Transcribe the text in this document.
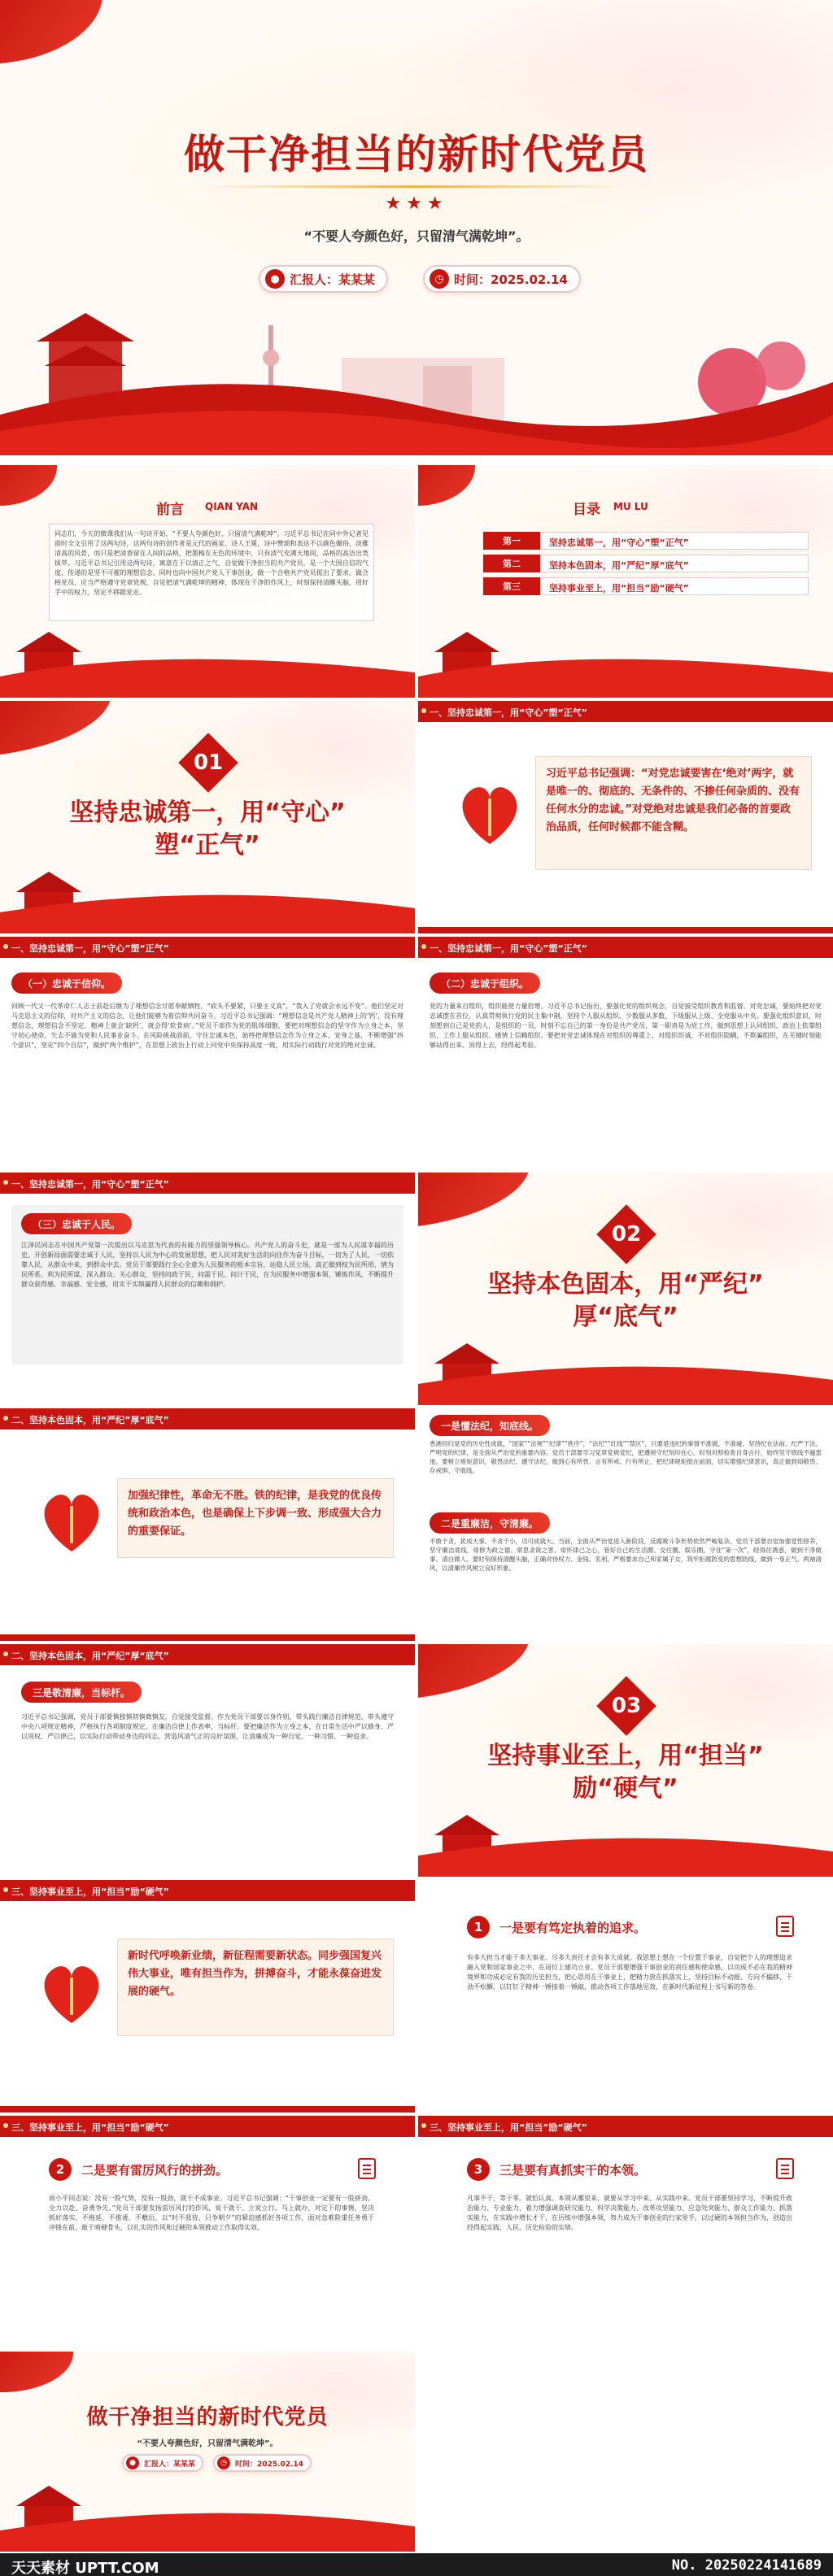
做干净担当的新时代党员
★★★
“不要人夸颜色好，只留清气满乾坤”。
● 汇报人：某某某	◷ 时间：2025.02.14
前言 QIAN YAN
同志们，今天的微课我们从一句诗开始，“不要人夸颜色好，只留清气满乾坤”。习近平总书记在同中外记者见面时全文引用了这两句诗，这两句诗的创作者是元代的画家、诗人王冕，诗中赞颂和表达不以颜色媚俗，淡雅清高的风骨，而只是把清香留在人间的品格，把墨梅在无色的环境中，只有清气充满天地间，品格的高洁出类拔萃。习近平总书记引用这两句诗，寓意在于以清正之气，自觉做干净担当的共产党员，是一个大国自信的气度，传递的是坚不可摧的理想信念。同时也向中国共产党人干事创业，做一个合格共产党员提出了要求。做合格党员，应当严格遵守党章党规，自觉把清气满乾坤的精神，体现在干净的作风上，时刻保持清醒头脑，用好手中的权力，坚定不移跟党走。
目录 MU LU
第一	坚持忠诚第一，用“守心”塑“正气”
第二	坚持本色固本，用“严纪”厚“底气”
第三	坚持事业至上，用“担当”励“硬气”
01
坚持忠诚第一，用“守心”
塑“正气”
一、坚持忠诚第一，用“守心”塑“正气”
习近平总书记强调：“对党忠诚要害在‘绝对’两字，就是唯一的、彻底的、无条件的、不掺任何杂质的、没有任何水分的忠诚。”对党绝对忠诚是我们必备的首要政治品质，任何时候都不能含糊。
一、坚持忠诚第一，用“守心”塑“正气”
（一）忠诚于信仰。
回顾一代又一代革命仁人志士前赴后继为了理想信念甘愿奉献牺牲，“砍头不要紧，只要主义真”，“我入了党就会永远不变”。他们坚定对马克思主义的信仰，对共产主义的信念，让他们能够为着信仰共同奋斗。习近平总书记强调：“理想信念是共产党人精神上的‘钙’，没有理想信念，理想信念不坚定，精神上就会‘缺钙’，就会得‘软骨病’。”党员干部作为党的肌体细胞，要把对理想信念的坚守作为立身之本，坚守初心使命，矢志不渝为党和人民事业奋斗。在风险挑战面前，守住忠诚本色，始终把理想信念作为立身之本、安身之基，不断增强“四个意识”，坚定“四个自信”，做到“两个维护”，在思想上政治上行动上同党中央保持高度一致，用实际行动践行对党的绝对忠诚。
一、坚持忠诚第一，用“守心”塑“正气”
（二）忠诚于组织。
党的力量来自组织，组织能使力量倍增。习近平总书记指出，要强化党的组织观念，自觉接受组织教育和监督。对党忠诚，要始终把对党忠诚摆在首位，认真贯彻执行党的民主集中制，坚持个人服从组织、少数服从多数、下级服从上级、全党服从中央。要强化组织意识，时刻想到自己是党的人，是组织的一员，时刻不忘自己的第一身份是共产党员，第一职责是为党工作，做到思想上认同组织、政治上依靠组织、工作上服从组织、感情上信赖组织。要把对党忠诚体现在对组织的尊重上，对组织坦诚，不对组织隐瞒，不欺骗组织，在关键时刻能够站得出来、顶得上去，经得起考验。
一、坚持忠诚第一，用“守心”塑“正气”
（三）忠诚于人民。
江泽民同志在中国共产党第一次提出以马克思为代表的有能力的坚强领导核心。共产党人的奋斗史，就是一部为人民谋幸福的历史。开创新局面需要忠诚于人民，坚持以人民为中心的发展思想，把人民对美好生活的向往作为奋斗目标，一切为了人民，一切依靠人民，从群众中来，到群众中去。党员干部要践行全心全意为人民服务的根本宗旨，站稳人民立场，真正做到权为民所用、情为民所系、利为民所谋，深入群众、关心群众，坚持问政于民、问需于民、问计于民，在为民服务中增强本领、锤炼作风，不断提升群众获得感、幸福感、安全感，用实干实绩赢得人民群众的信赖和拥护。
02
坚持本色固本，用“严纪”
厚“底气”
二、坚持本色固本，用“严纪”厚“底气”
加强纪律性，革命无不胜。铁的纪律，是我党的优良传统和政治本色，也是确保上下步调一致、形成强大合力的重要保证。
一是懂法纪，知底线。
香港回归是党的历史性成就，“国家”“法规”“纪律”“秩序”，“法纪”“红线”“禁区”，只要是违纪的事情不准做，不准碰，坚持纪在法前、纪严于法。严明党的纪律，是全面从严治党的重要内容。党员干部要学习党章党规党纪，把遵规守纪刻印在心，时刻对照检查自身言行，始终坚守底线不越雷池。要树立规矩意识，敬畏法纪、遵守法纪，做到心有所畏、言有所戒、行有所止，把纪律规矩挺在前面，切实增强纪律意识，真正做到知敬畏、存戒惧、守底线。
二是重廉洁，守清廉。
不敢于贪，犹成大事。不贪于小，功可成就大。当前，全面从严治党进入新阶段，反腐败斗争形势依然严峻复杂。党员干部要自觉加强党性修养，坚守廉洁底线，常修为政之德、常思贪欲之害、常怀律己之心，管好自己的生活圈、交往圈、娱乐圈，守住“第一次”，经得住诱惑，做到干净做事、清白做人。要时刻保持清醒头脑，正确对待权力、金钱、名利，严格要求自己和家属子女，筑牢拒腐防变的思想防线，做到一身正气、两袖清风，以清廉作风树立良好形象。
二、坚持本色固本，用“严纪”厚“底气”
三是敬清廉，当标杆。
习近平总书记强调，党员干部要慎独慎初慎微慎友，自觉接受监督。作为党员干部要以身作则，带头践行廉洁自律规范，带头遵守中央八项规定精神，严格执行各项制度规定，在廉洁自律上作表率、当标杆。要把廉洁作为立身之本，在日常生活中严以修身、严以用权、严以律己，以实际行动带动身边的同志，营造风清气正的良好氛围，让清廉成为一种自觉、一种习惯、一种追求。
03
坚持事业至上，用“担当”
励“硬气”
三、坚持事业至上，用“担当”励“硬气”
新时代呼唤新业绩，新征程需要新状态。同步强国复兴伟大事业，唯有担当作为，拼搏奋斗，才能永葆奋进发展的硬气。
1	一是要有笃定执着的追求。
有多大担当才能干多大事业。尽多大责任才会有多大成就。我思想上想在一个位置干事业，自觉把个人的理想追求融入党和国家事业之中，在岗位上建功立业。党员干部要增强干事创业的责任感和使命感，以功成不必在我的精神境界和功成必定有我的历史担当，把心思用在干事业上，把精力放在抓落实上，坚持目标不动摇、方向不偏移、干劲不松懈，以钉钉子精神一锤接着一锤敲，推动各项工作落地见效，在新时代新征程上书写新的答卷。
三、坚持事业至上，用“担当”励“硬气”
2	二是要有雷厉风行的拼劲。
雨小平同志说：没有一股气势，没有一股劲，就干不成事业。习近平总书记强调：“干事创业一定要有一股拼劲，全力以赴、奋勇争先。”党员干部要发扬雷厉风行的作风，说干就干、立说立行、马上就办，对定下的事情，坚决抓好落实，不拖延、不推诿、不敷衍，以“时不我待、只争朝夕”的紧迫感抓好各项工作，面对急难险重任务勇于冲锋在前，敢于啃硬骨头，以扎实的作风和过硬的本领推动工作取得实效。
三、坚持事业至上，用“担当”励“硬气”
3	三是要有真抓实干的本领。
凡事不干，等于零。就怕认真。本领从哪里来，就要从学习中来、从实践中来。党员干部要坚持学习，不断提升政治能力、专业能力，着力增强调查研究能力、科学决策能力、改革攻坚能力、应急处突能力、群众工作能力、抓落实能力，在实践中增长才干，在历练中增强本领，努力成为干事创业的行家里手，以过硬的本领担当作为，创造出经得起实践、人民、历史检验的实绩。
做干净担当的新时代党员
“不要人夸颜色好，只留清气满乾坤”。
●	汇报人：某某某	◷	时间：2025.02.14
天天素材 UPTT.COM	NO. 20250224141689
